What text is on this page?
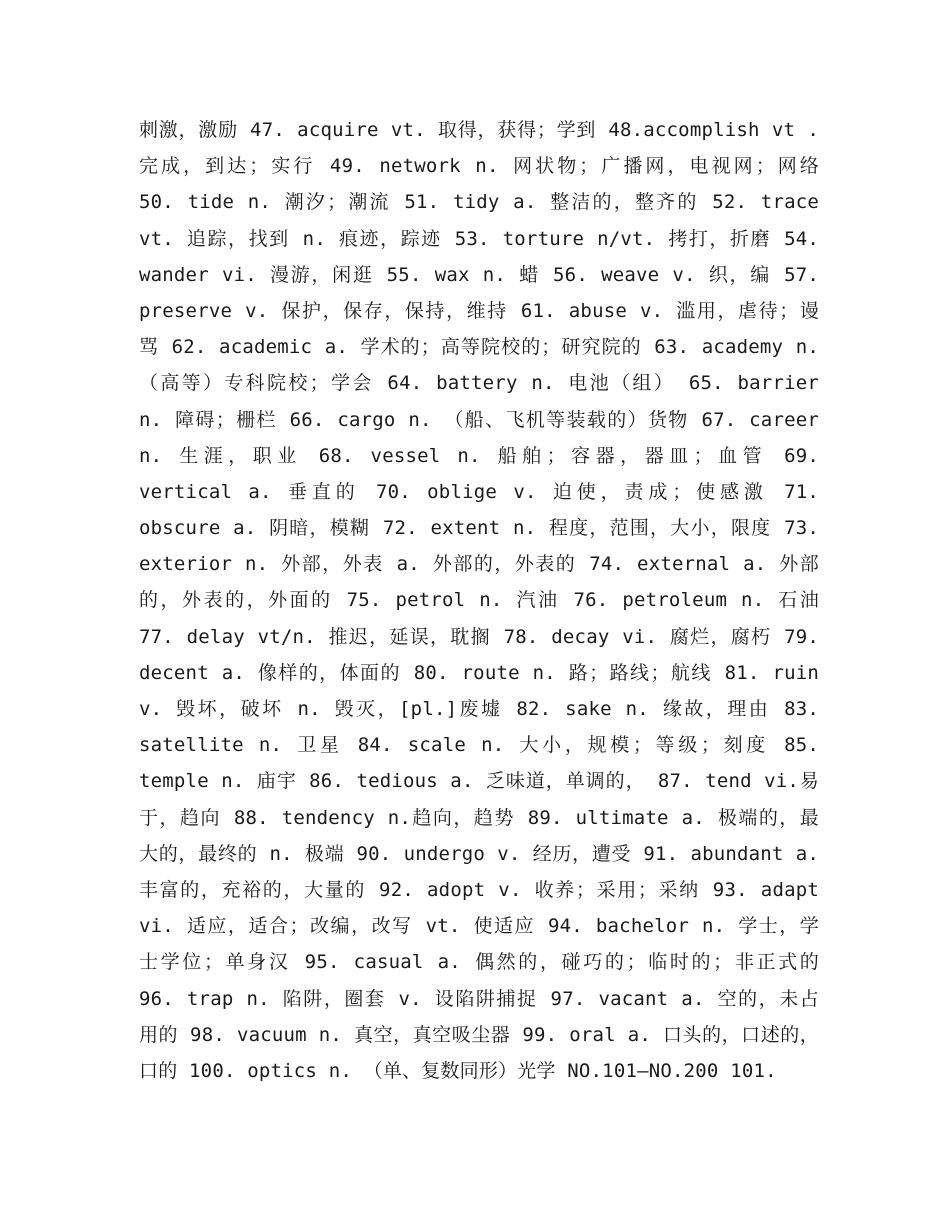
刺激，激励 47. acquire vt. 取得，获得；学到 48.accomplish vt .
完成，到达；实行 49. network n. 网状物；广播网，电视网；网络
50. tide n. 潮汐；潮流 51. tidy a. 整洁的，整齐的 52. trace
vt. 追踪，找到 n. 痕迹，踪迹 53. torture n/vt. 拷打，折磨 54.
wander vi. 漫游，闲逛 55. wax n. 蜡 56. weave v. 织，编 57.
preserve v. 保护，保存，保持，维持 61. abuse v. 滥用，虐待；谩
骂 62. academic a. 学术的；高等院校的；研究院的 63. academy n.
（高等）专科院校；学会 64. battery n. 电池（组） 65. barrier
n. 障碍；栅栏 66. cargo n. （船、飞机等装载的）货物 67. career
n. 生涯，职业 68. vessel n. 船舶；容器，器皿；血管 69.
vertical a. 垂直的 70. oblige v. 迫使，责成；使感激 71.
obscure a. 阴暗，模糊 72. extent n. 程度，范围，大小，限度 73.
exterior n. 外部，外表 a. 外部的，外表的 74. external a. 外部
的，外表的，外面的 75. petrol n. 汽油 76. petroleum n. 石油
77. delay vt/n. 推迟，延误，耽搁 78. decay vi. 腐烂，腐朽 79.
decent a. 像样的，体面的 80. route n. 路；路线；航线 81. ruin
v. 毁坏，破坏 n. 毁灭，[pl.]废墟 82. sake n. 缘故，理由 83.
satellite n. 卫星 84. scale n. 大小，规模；等级；刻度 85.
temple n. 庙宇 86. tedious a. 乏味道，单调的， 87. tend vi.易
于，趋向 88. tendency n.趋向，趋势 89. ultimate a. 极端的，最
大的，最终的 n. 极端 90. undergo v. 经历，遭受 91. abundant a.
丰富的，充裕的，大量的 92. adopt v. 收养；采用；采纳 93. adapt
vi. 适应，适合；改编，改写 vt. 使适应 94. bachelor n. 学士，学
士学位；单身汉 95. casual a. 偶然的，碰巧的；临时的；非正式的
96. trap n. 陷阱，圈套 v. 设陷阱捕捉 97. vacant a. 空的，未占
用的 98. vacuum n. 真空，真空吸尘器 99. oral a. 口头的，口述的，
口的 100. optics n. （单、复数同形）光学 NO.101—NO.200 101.
